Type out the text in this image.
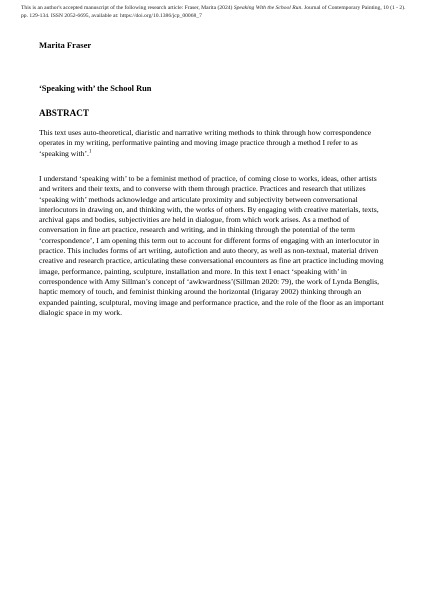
This is an author's accepted manuscript of the following research article: Fraser, Marita (2024) Speaking With the School Run. Journal of Contemporary Painting, 10 (1 - 2). pp. 129-134. ISSN 2052-6695, available at: https://doi.org/10.1386/jcp_00068_7
Marita Fraser
‘Speaking with’ the School Run
ABSTRACT
This text uses auto-theoretical, diaristic and narrative writing methods to think through how correspondence operates in my writing, performative painting and moving image practice through a method I refer to as ‘speaking with’.$^1$
I understand ‘speaking with’ to be a feminist method of practice, of coming close to works, ideas, other artists and writers and their texts, and to converse with them through practice. Practices and research that utilizes ‘speaking with’ methods acknowledge and articulate proximity and subjectivity between conversational interlocutors in drawing on, and thinking with, the works of others. By engaging with creative materials, texts, archival gaps and bodies, subjectivities are held in dialogue, from which work arises. As a method of conversation in fine art practice, research and writing, and in thinking through the potential of the term ‘correspondence’, I am opening this term out to account for different forms of engaging with an interlocutor in practice. This includes forms of art writing, autofiction and auto theory, as well as non-textual, material driven creative and research practice, articulating these conversational encounters as fine art practice including moving image, performance, painting, sculpture, installation and more. In this text I enact ‘speaking with’ in correspondence with Amy Sillman’s concept of ‘awkwardness’(Sillman 2020: 79), the work of Lynda Benglis, haptic memory of touch, and feminist thinking around the horizontal (Irigaray 2002) thinking through an expanded painting, sculptural, moving image and performance practice, and the role of the floor as an important dialogic space in my work.
